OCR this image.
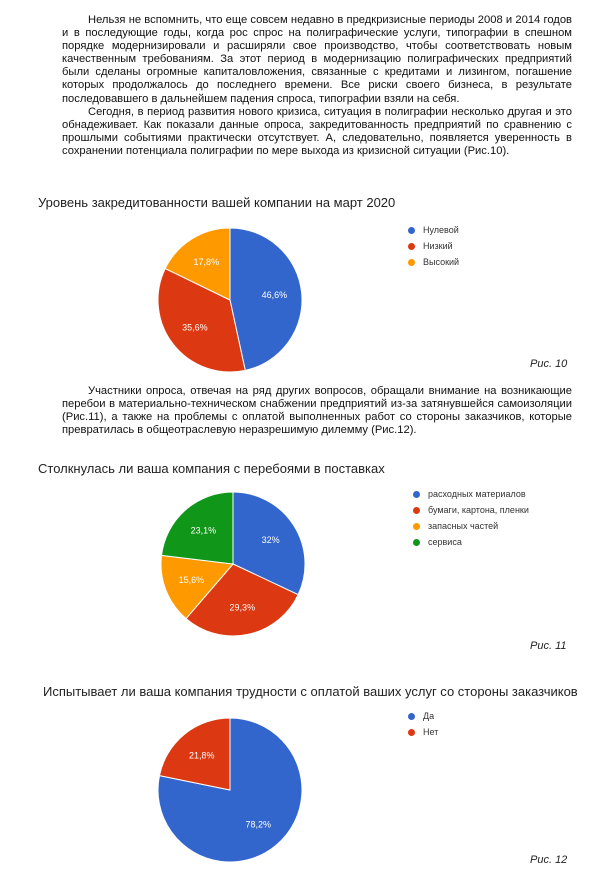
Нельзя не вспомнить, что еще совсем недавно в предкризисные периоды 2008 и 2014 годов и в последующие годы, когда рос спрос на полиграфические услуги, типографии в спешном порядке модернизировали и расширяли свое производство, чтобы соответствовать новым качественным требованиям. За этот период в модернизацию полиграфических предприятий были сделаны огромные капиталовложения, связанные с кредитами и лизингом, погашение которых продолжалось до последнего времени. Все риски своего бизнеса, в результате последовавшего в дальнейшем падения спроса, типографии взяли на себя.

Сегодня, в период развития нового кризиса, ситуация в полиграфии несколько другая и это обнадеживает. Как показали данные опроса, закредитованность предприятий по сравнению с прошлыми событиями практически отсутствует. А, следовательно, появляется уверенность в сохранении потенциала полиграфии по мере выхода из кризисной ситуации (Рис.10).

Уровень закредитованности вашей компании на март 2020
46,6%
35,6%
17,8%
Нулевой
Низкий
Высокий
Рис. 10

Участники опроса, отвечая на ряд других вопросов, обращали внимание на возникающие перебои в материально-техническом снабжении предприятий из-за затянувшейся самоизоляции (Рис.11), а также на проблемы с оплатой выполненных работ со стороны заказчиков, которые превратилась в общеотраслевую неразрешимую дилемму (Рис.12).

Столкнулась ли ваша компания с перебоями в поставках
32%
29,3%
15,6%
23,1%
расходных материалов
бумаги, картона, пленки
запасных частей
сервиса
Рис. 11
Испытывает ли ваша компания трудности с оплатой ваших услуг со стороны заказчиков
78,2%
21,8%
Да
Нет
Рис. 12
